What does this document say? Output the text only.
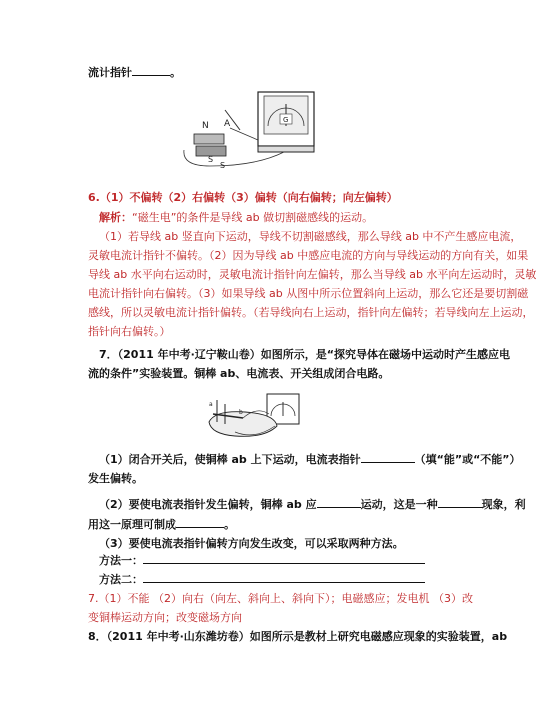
流计指针	。
G
N A
S
S
6.（1）不偏转（2）右偏转（3）偏转（向右偏转；向左偏转）
解析：“磁生电”的条件是导线 ab 做切割磁感线的运动。
（1）若导线 ab 竖直向下运动，导线不切割磁感线，那么导线 ab 中不产生感应电流，
灵敏电流计指针不偏转。（2）因为导线 ab 中感应电流的方向与导线运动的方向有关，如果
导线 ab 水平向右运动时，灵敏电流计指针向左偏转，那么当导线 ab 水平向左运动时，灵敏
电流计指针向右偏转。（3）如果导线 ab 从图中所示位置斜向上运动，那么它还是要切割磁
感线，所以灵敏电流计指针偏转。（若导线向右上运动，指针向左偏转；若导线向左上运动，
指针向右偏转。）
7．（2011 年中考·辽宁鞍山卷）如图所示，是“探究导体在磁场中运动时产生感应电
流的条件”实验装置。铜棒 ab、电流表、开关组成闭合电路。
a
b
（1）闭合开关后，使铜棒 ab 上下运动，电流表指针	（填“能”或“不能”）
发生偏转。
（2）要使电流表指针发生偏转，铜棒 ab 应	运动，这是一种	现象，利
用这一原理可制成	。
（3）要使电流表指针偏转方向发生改变，可以采取两种方法。
方法一：
方法二：
7.（1）不能 （2）向右（向左、斜向上、斜向下）；电磁感应；发电机 （3）改
变铜棒运动方向；改变磁场方向
8．（2011 年中考·山东潍坊卷）如图所示是教材上研究电磁感应现象的实验装置，ab
